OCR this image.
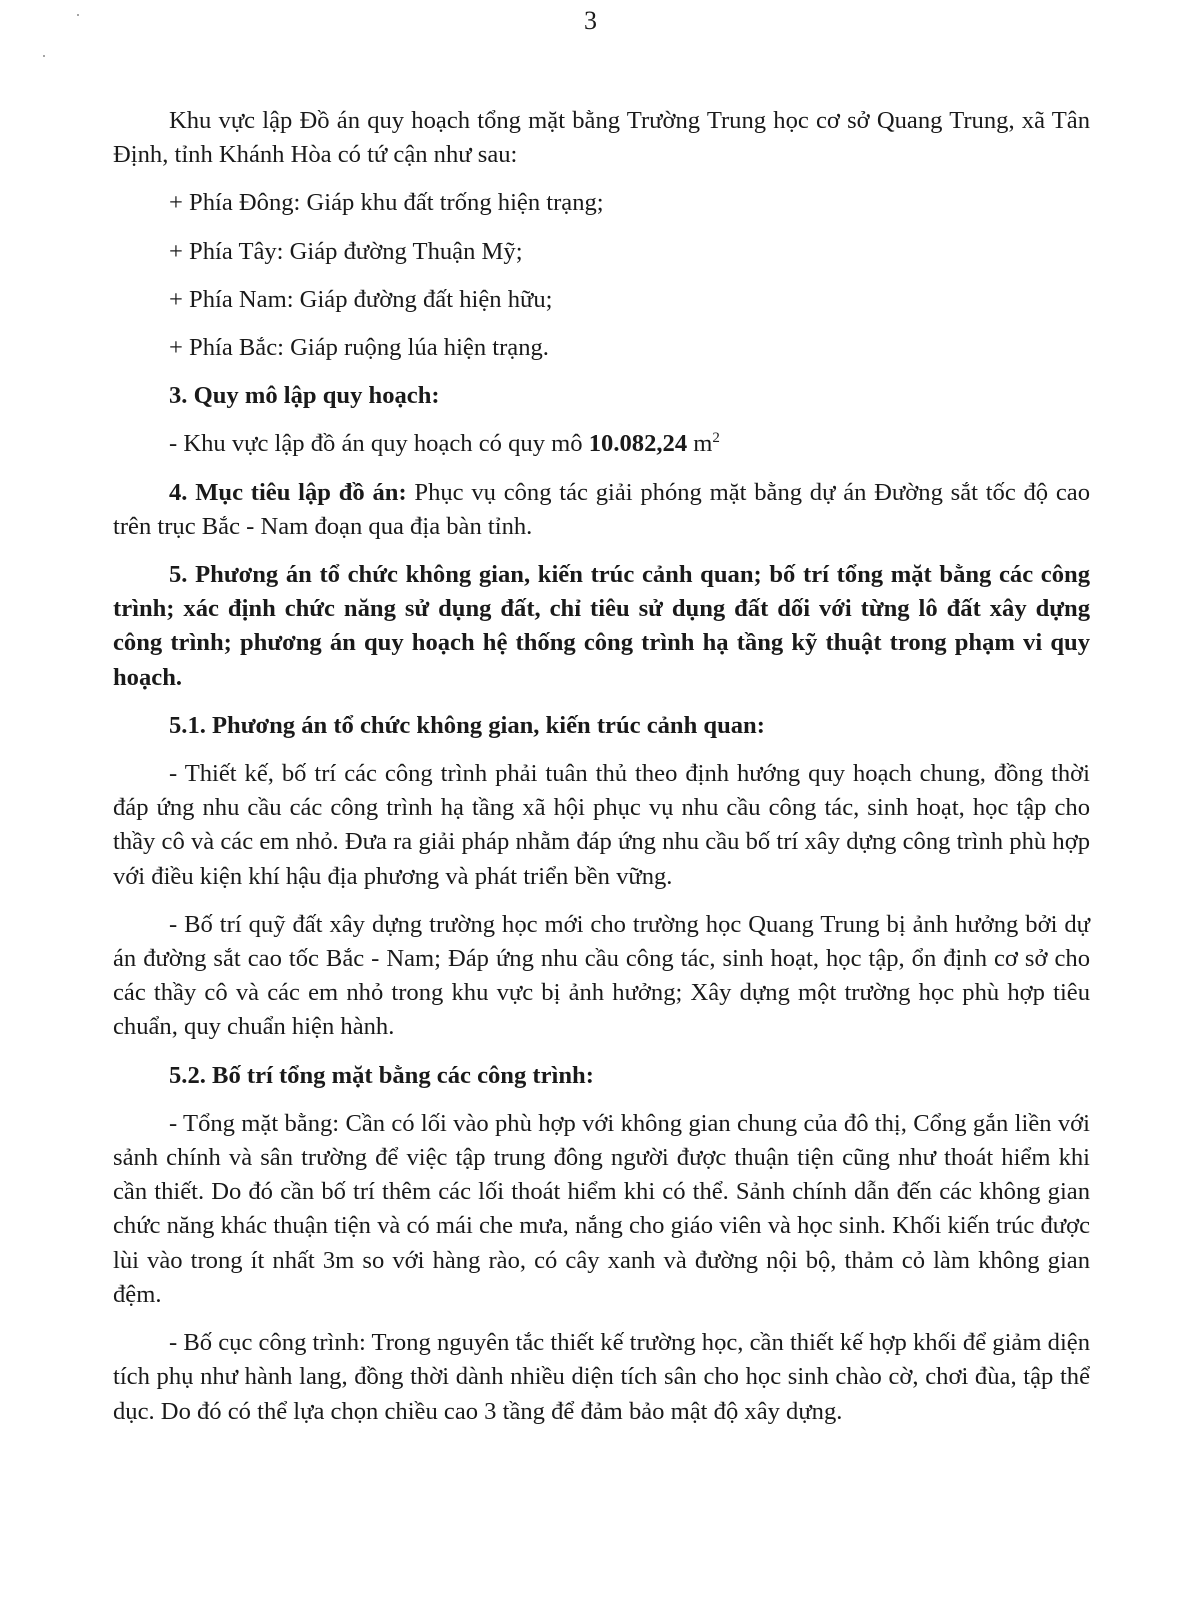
3

Khu vực lập Đồ án quy hoạch tổng mặt bằng Trường Trung học cơ sở Quang Trung, xã Tân Định, tỉnh Khánh Hòa có tứ cận như sau:

+ Phía Đông: Giáp khu đất trống hiện trạng;

+ Phía Tây: Giáp đường Thuận Mỹ;

+ Phía Nam: Giáp đường đất hiện hữu;

+ Phía Bắc: Giáp ruộng lúa hiện trạng.

3. Quy mô lập quy hoạch:

- Khu vực lập đồ án quy hoạch có quy mô 10.082,24 $m^2$

4. Mục tiêu lập đồ án: Phục vụ công tác giải phóng mặt bằng dự án Đường sắt tốc độ cao trên trục Bắc - Nam đoạn qua địa bàn tỉnh.

5. Phương án tổ chức không gian, kiến trúc cảnh quan; bố trí tổng mặt bằng các công trình; xác định chức năng sử dụng đất, chỉ tiêu sử dụng đất dối với từng lô đất xây dựng công trình; phương án quy hoạch hệ thống công trình hạ tầng kỹ thuật trong phạm vi quy hoạch.

5.1. Phương án tổ chức không gian, kiến trúc cảnh quan:

- Thiết kế, bố trí các công trình phải tuân thủ theo định hướng quy hoạch chung, đồng thời đáp ứng nhu cầu các công trình hạ tầng xã hội phục vụ nhu cầu công tác, sinh hoạt, học tập cho thầy cô và các em nhỏ. Đưa ra giải pháp nhằm đáp ứng nhu cầu bố trí xây dựng công trình phù hợp với điều kiện khí hậu địa phương và phát triển bền vững.

- Bố trí quỹ đất xây dựng trường học mới cho trường học Quang Trung bị ảnh hưởng bởi dự án đường sắt cao tốc Bắc - Nam; Đáp ứng nhu cầu công tác, sinh hoạt, học tập, ổn định cơ sở cho các thầy cô và các em nhỏ trong khu vực bị ảnh hưởng; Xây dựng một trường học phù hợp tiêu chuẩn, quy chuẩn hiện hành.

5.2. Bố trí tổng mặt bằng các công trình:

- Tổng mặt bằng: Cần có lối vào phù hợp với không gian chung của đô thị, Cổng gắn liền với sảnh chính và sân trường để việc tập trung đông người được thuận tiện cũng như thoát hiểm khi cần thiết. Do đó cần bố trí thêm các lối thoát hiểm khi có thể. Sảnh chính dẫn đến các không gian chức năng khác thuận tiện và có mái che mưa, nắng cho giáo viên và học sinh. Khối kiến trúc được lùi vào trong ít nhất 3m so với hàng rào, có cây xanh và đường nội bộ, thảm cỏ làm không gian đệm.

- Bố cục công trình: Trong nguyên tắc thiết kế trường học, cần thiết kế hợp khối để giảm diện tích phụ như hành lang, đồng thời dành nhiều diện tích sân cho học sinh chào cờ, chơi đùa, tập thể dục. Do đó có thể lựa chọn chiều cao 3 tầng để đảm bảo mật độ xây dựng.
